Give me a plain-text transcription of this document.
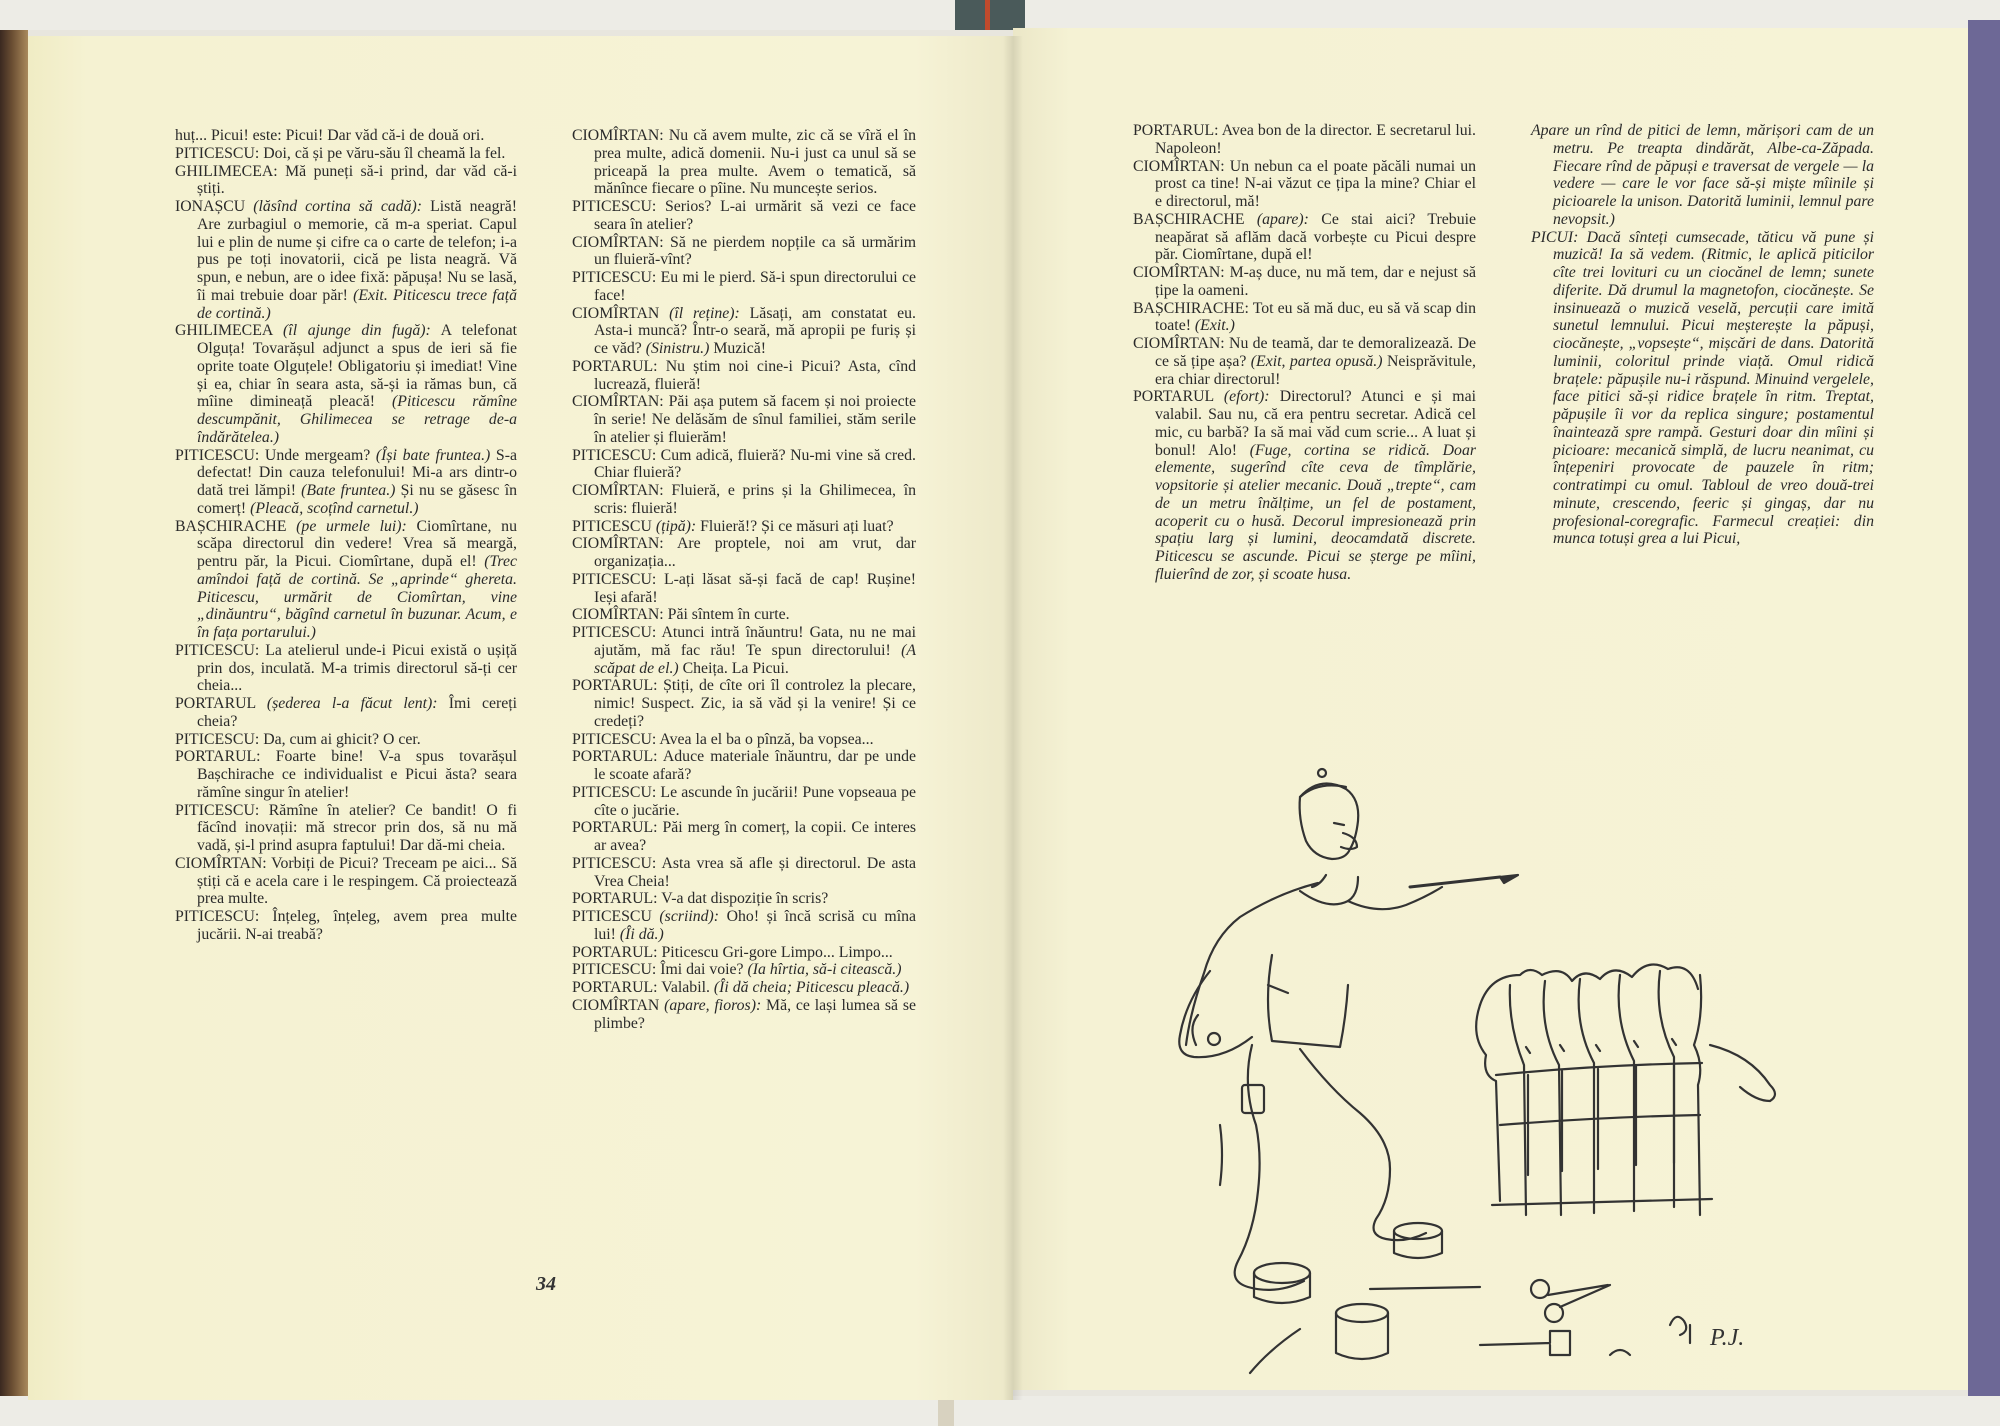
huț... Picui! este: Picui! Dar văd că-i de două ori.

PITICESCU: Doi, că și pe văru-său îl cheamă la fel.

GHILIMECEA: Mă puneți să-i prind, dar văd că-i știți.

IONAȘCU (lăsînd cortina să cadă): Listă neagră! Are zurbagiul o memorie, că m-a speriat. Capul lui e plin de nume și cifre ca o carte de telefon; i-a pus pe toți inovatorii, cică pe lista neagră. Vă spun, e nebun, are o idee fixă: păpușa! Nu se lasă, îi mai trebuie doar păr! (Exit. Piticescu trece față de cortină.)

GHILIMECEA (îl ajunge din fugă): A telefonat Olguța! Tovarășul adjunct a spus de ieri să fie oprite toate Olguțele! Obligatoriu și imediat! Vine și ea, chiar în seara asta, să-și ia rămas bun, că mîine dimineață pleacă! (Piticescu rămîne descumpănit, Ghilimecea se retrage de-a îndărătelea.)

PITICESCU: Unde mergeam? (Își bate fruntea.) S-a defectat! Din cauza telefonului! Mi-a ars dintr-o dată trei lămpi! (Bate fruntea.) Și nu se găsesc în comerț! (Pleacă, scoțînd carnetul.)

BAȘCHIRACHE (pe urmele lui): Ciomîrtane, nu scăpa directorul din vedere! Vrea să meargă, pentru păr, la Picui. Ciomîrtane, după el! (Trec amîndoi față de cortină. Se „aprinde“ gheretа. Piticescu, urmărit de Ciomîrtan, vine „dinăuntru“, băgînd carnetul în buzunar. Acum, e în fața portarului.)

PITICESCU: La atelierul unde-i Picui există o ușiță prin dos, inculată. M-a trimis directorul să-ți cer cheia...

PORTARUL (șederea l-a făcut lent): Îmi cereți cheia?

PITICESCU: Da, cum ai ghicit? O cer.

PORTARUL: Foarte bine! V-a spus tovarășul Bașchirache ce individualist e Picui ăsta? seara rămîne singur în atelier!

PITICESCU: Rămîne în atelier? Ce bandit! O fi făcînd inovații: mă strecor prin dos, să nu mă vadă, și-l prind asupra faptului! Dar dă-mi cheia.

CIOMÎRTAN: Vorbiți de Picui? Treceam pe aici... Să știți că e acela care i le respingem. Că proiectează prea multe.

PITICESCU: Înțeleg, înțeleg, avem prea multe jucării. N-ai treabă?

CIOMÎRTAN: Nu că avem multe, zic că se vîră el în prea multe, adică domenii. Nu-i just ca unul să se priceapă la prea multe. Avem o tematică, să mănînce fiecare o pîine. Nu muncește serios.

PITICESCU: Serios? L-ai urmărit să vezi ce face seara în atelier?

CIOMÎRTAN: Să ne pierdem nopțile ca să urmărim un fluieră-vînt?

PITICESCU: Eu mi le pierd. Să-i spun directorului ce face!

CIOMÎRTAN (îl reține): Lăsați, am constatat eu. Asta-i muncă? Într-o seară, mă apropii pe furiș și ce văd? (Sinistru.) Muzică!

PORTARUL: Nu știm noi cine-i Picui? Asta, cînd lucrează, fluieră!

CIOMÎRTAN: Păi așa putem să facem și noi proiecte în serie! Ne delăsăm de sînul familiei, stăm serile în atelier și fluierăm!

PITICESCU: Cum adică, fluieră? Nu-mi vine să cred. Chiar fluieră?

CIOMÎRTAN: Fluieră, e prins și la Ghilimecea, în scris: fluieră!

PITICESCU (țipă): Fluieră!? Și ce măsuri ați luat?

CIOMÎRTAN: Are proptele, noi am vrut, dar organizația...

PITICESCU: L-ați lăsat să-și facă de cap! Rușine! Ieși afară!

CIOMÎRTAN: Păi sîntem în curte.

PITICESCU: Atunci intră înăuntru! Gata, nu ne mai ajutăm, mă fac rău! Te spun directorului! (A scăpat de el.) Cheița. La Picui.

PORTARUL: Știți, de cîte ori îl controlez la plecare, nimic! Suspect. Zic, ia să văd și la venire! Și ce credeți?

PITICESCU: Avea la el ba o pînză, ba vopsea...

PORTARUL: Aduce materiale înăuntru, dar pe unde le scoate afară?

PITICESCU: Le ascunde în jucării! Pune vopseaua pe cîte o jucărie.

PORTARUL: Păi merg în comerț, la copii. Ce interes ar avea?

PITICESCU: Asta vrea să afle și directorul. De asta Vrea Cheia!

PORTARUL: V-a dat dispoziție în scris?

PITICESCU (scriind): Oho! și încă scrisă cu mîna lui! (Îi dă.)

PORTARUL: Piticescu Gri-gore Limpo... Limpo...

PITICESCU: Îmi dai voie? (Ia hîrtia, să-i citească.)

PORTARUL: Valabil. (Îi dă cheia; Piticescu pleacă.)

CIOMÎRTAN (apare, fioros): Mă, ce lași lumea să se plimbe?

PORTARUL: Avea bon de la director. E secretarul lui. Napoleon!

CIOMÎRTAN: Un nebun ca el poate păcăli numai un prost ca tine! N-ai văzut ce țipa la mine? Chiar el e directorul, mă!

BAȘCHIRACHE (apare): Ce stai aici? Trebuie neapărat să aflăm dacă vorbește cu Picui despre păr. Ciomîrtane, după el!

CIOMÎRTAN: M-aș duce, nu mă tem, dar e nejust să țipe la oameni.

BAȘCHIRACHE: Tot eu să mă duc, eu să vă scap din toate! (Exit.)

CIOMÎRTAN: Nu de teamă, dar te demoralizează. De ce să țipe așa? (Exit, partea opusă.) Neisprăvitule, era chiar directorul!

PORTARUL (efort): Directorul? Atunci e și mai valabil. Sau nu, că era pentru secretar. Adică cel mic, cu barbă? Ia să mai văd cum scrie... A luat și bonul! Alo! (Fuge, cortina se ridică. Doar elemente, sugerînd cîte ceva de tîmplărie, vopsitorie și atelier mecanic. Două „trepte“, cam de un metru înălțime, un fel de postament, acoperit cu o husă. Decorul impresionează prin spațiu larg și lumini, deocamdată discrete. Piticescu se ascunde. Picui se șterge pe mîini, fluierînd de zor, și scoate husa.

Apare un rînd de pitici de lemn, mărișori cam de un metru. Pe treapta dindărăt, Albe-ca-Zăpada. Fiecare rînd de păpuși e traversat de vergele — la vedere — care le vor face să-și miște mîinile și picioarele la unison. Datorită luminii, lemnul pare nevopsit.)

PICUI: Dacă sînteți cumsecade, tăticu vă pune și muzică! Ia să vedem. (Ritmic, le aplică piticilor cîte trei lovituri cu un ciocănel de lemn; sunete diferite. Dă drumul la magnetofon, ciocănește. Se insinuează o muzică veselă, percuții care imită sunetul lemnului. Picui meșterește la păpuși, ciocănește, „vopsește“, mișcări de dans. Datorită luminii, coloritul prinde viață. Omul ridică brațele: păpușile nu-i răspund. Minuind vergelele, face pitici să-și ridice brațele în ritm. Treptat, păpușile îi vor da replica singure; postamentul înaintează spre rampă. Gesturi doar din mîini și picioare: mecanică simplă, de lucru neanimat, cu înțepeniri provocate de pauzele în ritm; contratimpi cu omul. Tabloul de vreo două-trei minute, crescendo, feeric și gingaș, dar nu profesional-coregrafic. Farmecul creației: din munca totuși grea a lui Picui,

34
P.J.
